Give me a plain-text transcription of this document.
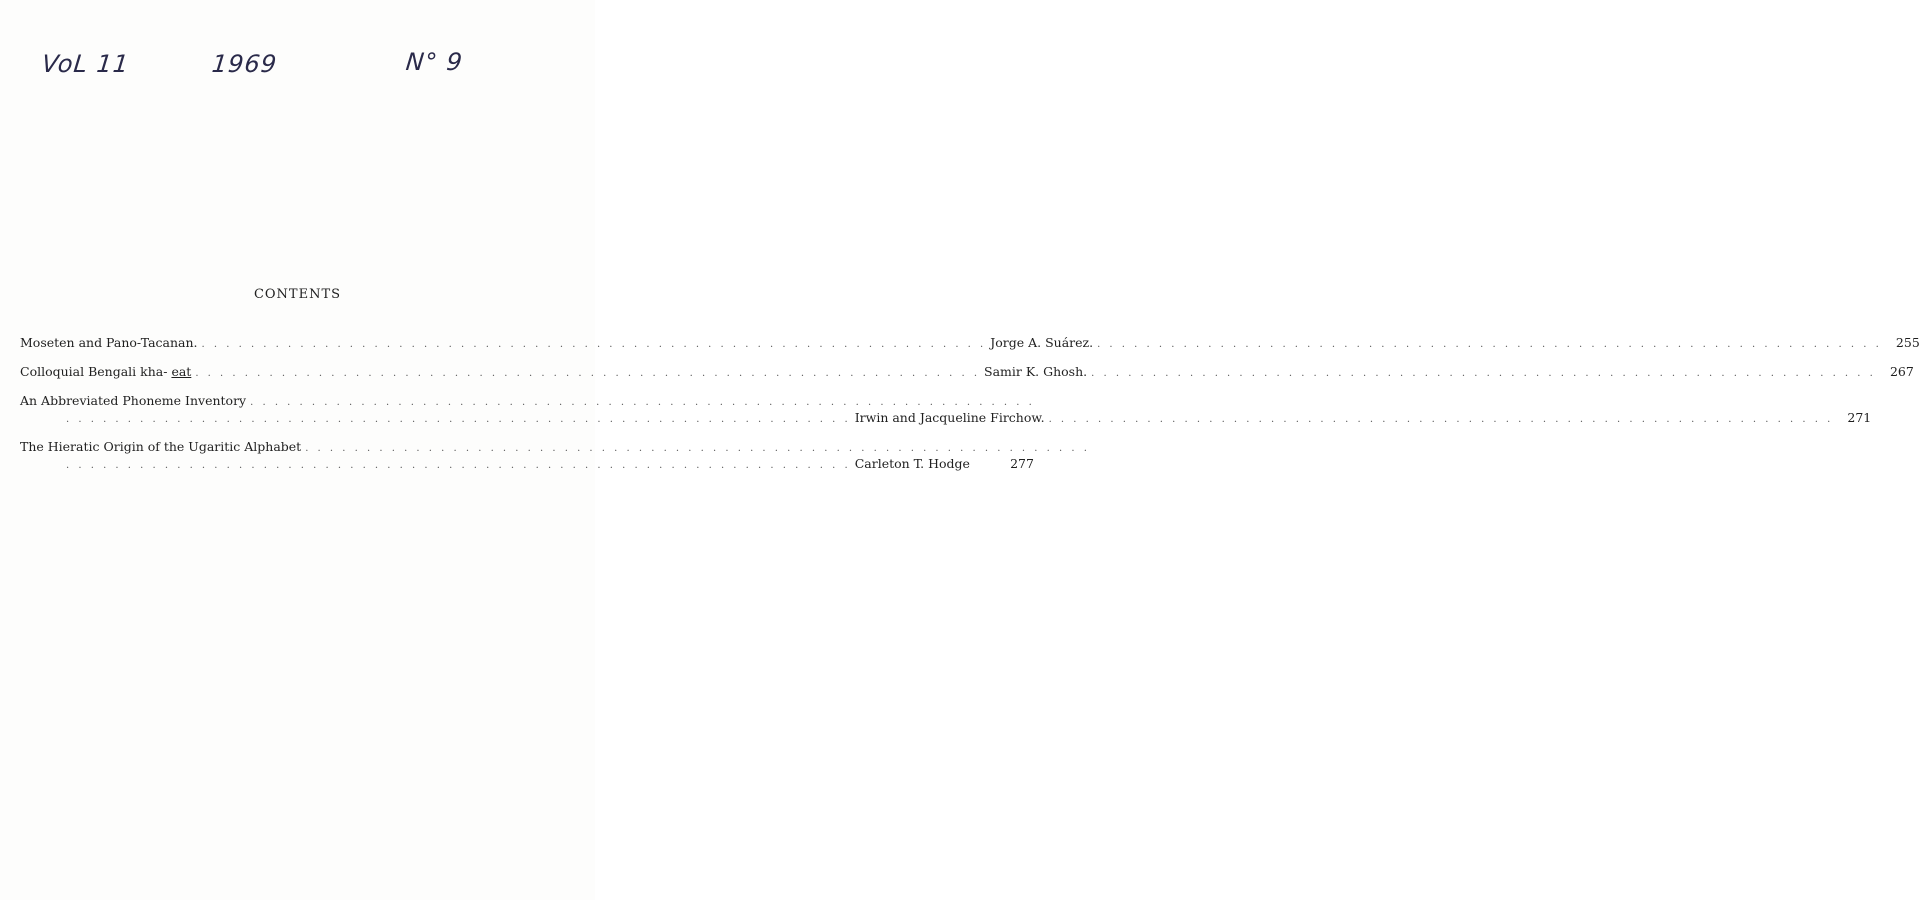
VoL 11	1969	N° 9
CONTENTS
Moseten and Pano-Tacanan. . . . . . . . . . . . . . . . . . . . . . . . . . . . . . . . . . . . . . . . . . . . . . . . . . . . . . . . . . . . . . . . . Jorge A. Suárez. . . . . . . . . . . . . . . . . . . . . . . . . . . . . . . . . . . . . . . . . . . . . . . . . . . . . . . . . . . . . . . . .	255
Colloquial Bengali kha- eat . . . . . . . . . . . . . . . . . . . . . . . . . . . . . . . . . . . . . . . . . . . . . . . . . . . . . . . . . . . . . . . . Samir K. Ghosh. . . . . . . . . . . . . . . . . . . . . . . . . . . . . . . . . . . . . . . . . . . . . . . . . . . . . . . . . . . . . . . . .	267
An Abbreviated Phoneme Inventory . . . . . . . . . . . . . . . . . . . . . . . . . . . . . . . . . . . . . . . . . . . . . . . . . . . . . . . . . . . . . . . .
. . . . . . . . . . . . . . . . . . . . . . . . . . . . . . . . . . . . . . . . . . . . . . . . . . . . . . . . . . . . . . . . Irwin and Jacqueline Firchow. . . . . . . . . . . . . . . . . . . . . . . . . . . . . . . . . . . . . . . . . . . . . . . . . . . . . . . . . . . . . . . . .	271
The Hieratic Origin of the Ugaritic Alphabet . . . . . . . . . . . . . . . . . . . . . . . . . . . . . . . . . . . . . . . . . . . . . . . . . . . . . . . . . . . . . . . .
. . . . . . . . . . . . . . . . . . . . . . . . . . . . . . . . . . . . . . . . . . . . . . . . . . . . . . . . . . . . . . . . Carleton T. Hodge	277
